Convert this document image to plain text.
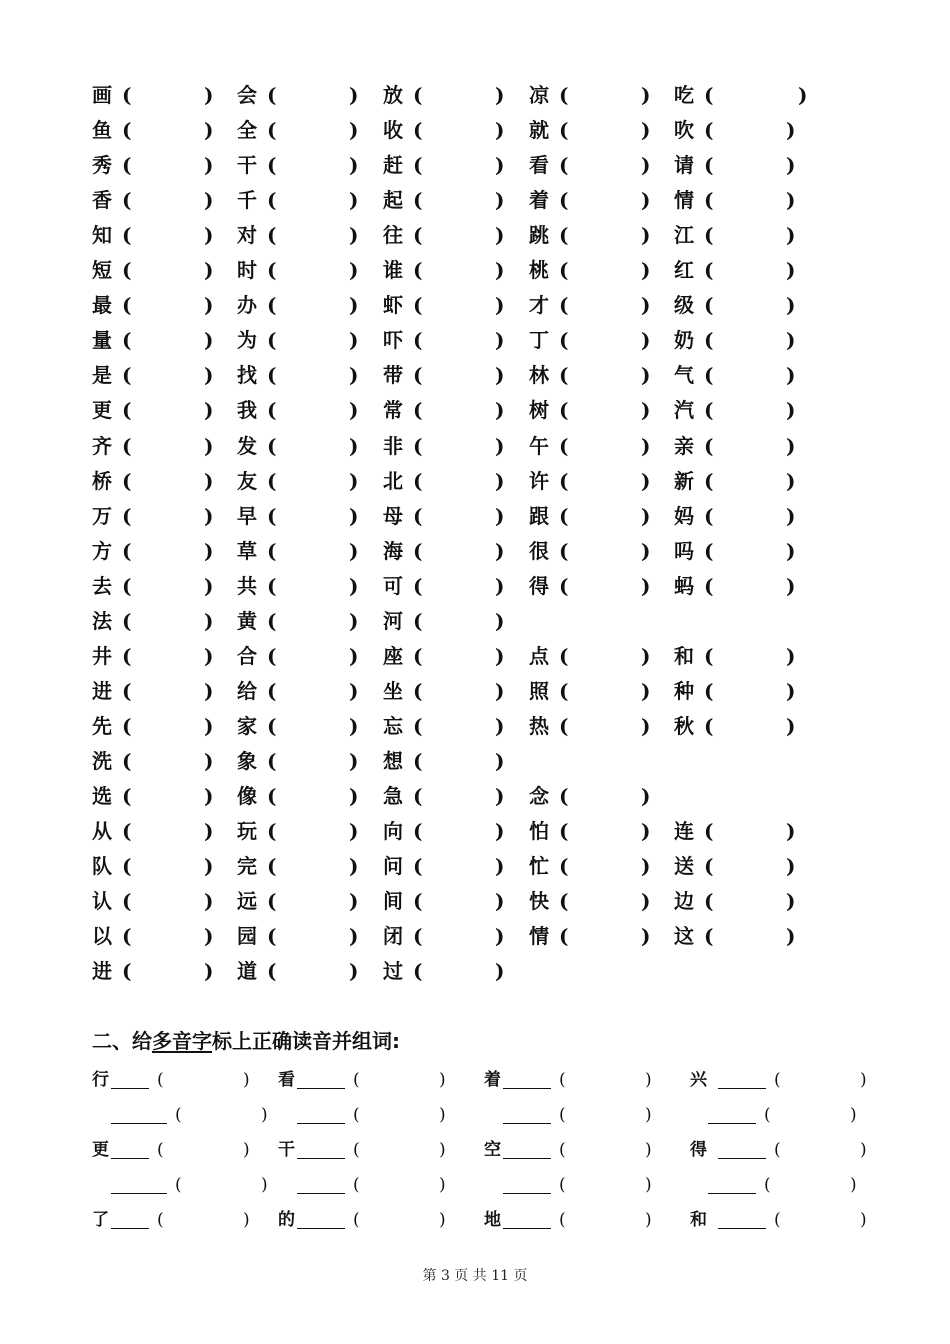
画 (	) 会 (	) 放 (	) 凉 (	) 吃 (	)
鱼 (	) 全 (	) 收 (	) 就 (	) 吹 (	)
秀 (	) 干 (	) 赶 (	) 看 (	) 请 (	)
香 (	) 千 (	) 起 (	) 着 (	) 情 (	)
知 (	) 对 (	) 往 (	) 跳 (	) 江 (	)
短 (	) 时 (	) 谁 (	) 桃 (	) 红 (	)
最 (	) 办 (	) 虾 (	) 才 (	) 级 (	)
量 (	) 为 (	) 吓 (	) 丁 (	) 奶 (	)
是 (	) 找 (	) 带 (	) 林 (	) 气 (	)
更 (	) 我 (	) 常 (	) 树 (	) 汽 (	)
齐 (	) 发 (	) 非 (	) 午 (	) 亲 (	)
桥 (	) 友 (	) 北 (	) 许 (	) 新 (	)
万 (	) 早 (	) 母 (	) 跟 (	) 妈 (	)
方 (	) 草 (	) 海 (	) 很 (	) 吗 (	)
去 (	) 共 (	) 可 (	) 得 (	) 蚂 (	)
法 (	) 黄 (	) 河 (	)
井 (	) 合 (	) 座 (	) 点 (	) 和 (	)
进 (	) 给 (	) 坐 (	) 照 (	) 种 (	)
先 (	) 家 (	) 忘 (	) 热 (	) 秋 (	)
洗 (	) 象 (	) 想 (	)
选 (	) 像 (	) 急 (	) 念 (	)
从 (	) 玩 (	) 向 (	) 怕 (	) 连 (	)
队 (	) 完 (	) 问 (	) 忙 (	) 送 (	)
认 (	) 远 (	) 间 (	) 快 (	) 边 (	)
以 (	) 园 (	) 闭 (	) 情 (	) 这 (	)
进 (	) 道 (	) 过 (	)
二、给多音字标上正确读音并组词:
行	(	) 看	(	) 着	(	) 兴	(	)
(	)	(	)	(	)	(	)
更	(	) 干	(	) 空	(	) 得	(	)
(	)	(	)	(	)	(	)
了	(	) 的	(	) 地	(	) 和	(	)
第 3 页 共 11 页
